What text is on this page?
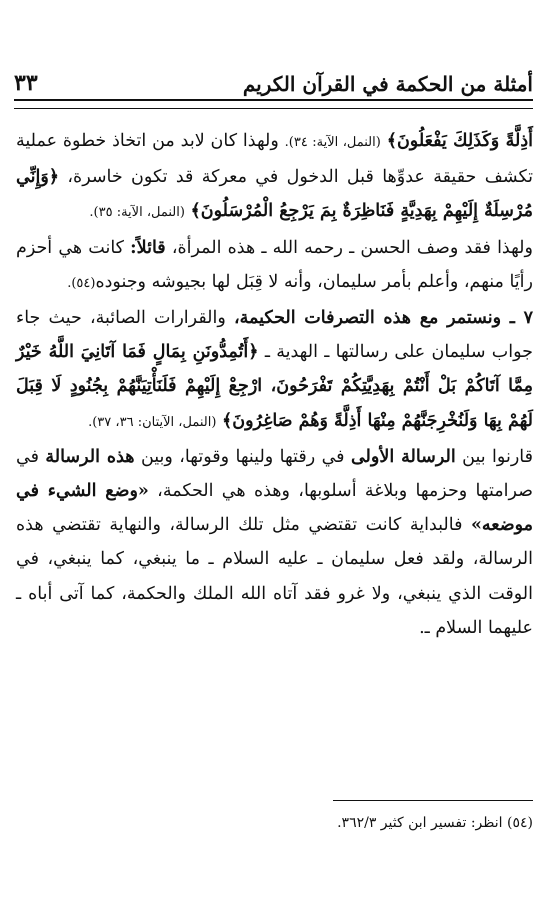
أمثلة من الحكمة في القرآن الكريم
٣٣

أَذِلَّةً وَكَذَلِكَ يَفْعَلُونَ﴾ (النمل، الآية: ٣٤). ولهذا كان لابد من اتخاذ خطوة عملية تكشف حقيقة عدوِّها قبل الدخول في معركة قد تكون خاسرة، ﴿وَإِنِّي مُرْسِلَةٌ إِلَيْهِمْ بِهَدِيَّةٍ فَنَاظِرَةٌ بِمَ يَرْجِعُ الْمُرْسَلُونَ﴾ (النمل، الآية: ٣٥).

ولهذا فقد وصف الحسن ـ رحمه الله ـ هذه المرأة، قائلاً: كانت هي أحزم رأيًا منهم، وأعلم بأمر سليمان، وأنه لا قِبَل لها بجيوشه وجنوده(٥٤).

٧ ـ ونستمر مع هذه التصرفات الحكيمة، والقرارات الصائبة، حيث جاء جواب سليمان على رسالتها ـ الهدية ـ ﴿أَتُمِدُّونَنِ بِمَالٍ فَمَا آتَانِيَ اللَّهُ خَيْرٌ مِمَّا آتَاكُمْ بَلْ أَنْتُمْ بِهَدِيَّتِكُمْ تَفْرَحُونَ، ارْجِعْ إِلَيْهِمْ فَلَنَأْتِيَنَّهُمْ بِجُنُودٍ لَا قِبَلَ لَهُمْ بِهَا وَلَنُخْرِجَنَّهُمْ مِنْهَا أَذِلَّةً وَهُمْ صَاغِرُونَ﴾ (النمل، الآيتان: ٣٦، ٣٧).

قارنوا بين الرسالة الأولى في رقتها ولينها وقوتها، وبين هذه الرسالة في صرامتها وحزمها وبلاغة أسلوبها، وهذه هي الحكمة، «وضع الشيء في موضعه» فالبداية كانت تقتضي مثل تلك الرسالة، والنهاية تقتضي هذه الرسالة، ولقد فعل سليمان ـ عليه السلام ـ ما ينبغي، كما ينبغي، في الوقت الذي ينبغي، ولا غرو فقد آتاه الله الملك والحكمة، كما آتى أباه ـ عليهما السلام ـ.

(٥٤) انظر: تفسير ابن كثير ٣٦٢/٣.
